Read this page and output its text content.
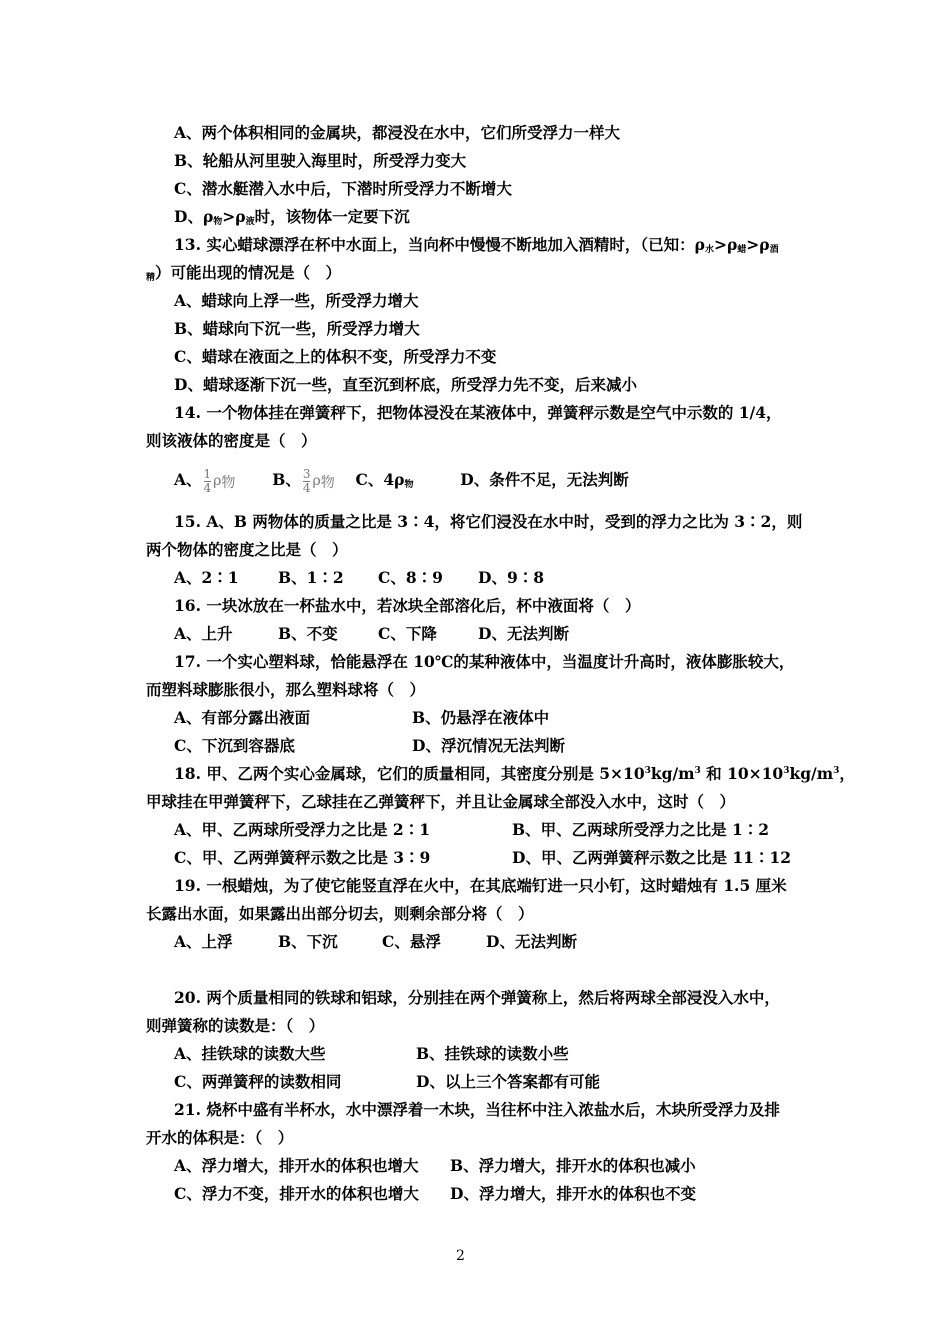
A、两个体积相同的金属块，都浸没在水中，它们所受浮力一样大
B、轮船从河里驶入海里时，所受浮力变大
C、潜水艇潜入水中后，下潜时所受浮力不断增大
D、$\rho_物>\rho_液$时，该物体一定要下沉
13. 实心蜡球漂浮在杯中水面上，当向杯中慢慢不断地加入酒精时，（已知：$\rho_水>\rho_蜡>\rho_酒$
$_精$）可能出现的情况是（　）
A、蜡球向上浮一些，所受浮力增大
B、蜡球向下沉一些，所受浮力增大
C、蜡球在液面之上的体积不变，所受浮力不变
D、蜡球逐渐下沉一些，直至沉到杯底，所受浮力先不变，后来减小
14. 一个物体挂在弹簧秤下，把物体浸没在某液体中，弹簧秤示数是空气中示数的 1/4，
则该液体的密度是（　）
A、 $\frac{1}{4} \rho_物$ B、 $\frac{3}{4} \rho_物$ C、$4\rho_物$	D、条件不足，无法判断
15. A、B 两物体的质量之比是 3∶4，将它们浸没在水中时，受到的浮力之比为 3∶2，则
两个物体的密度之比是（　）
A、2∶1	B、1∶2 C、8∶9 D、9∶8
16. 一块冰放在一杯盐水中，若冰块全部溶化后，杯中液面将（　）
A、上升	B、不变	C、下降	D、无法判断
17. 一个实心塑料球，恰能悬浮在 10℃的某种液体中，当温度计升高时，液体膨胀较大，
而塑料球膨胀很小，那么塑料球将（　）
A、有部分露出液面	B、仍悬浮在液体中
C、下沉到容器底	D、浮沉情况无法判断
18. 甲、乙两个实心金属球，它们的质量相同，其密度分别是 $5\times 10^3kg/m^3$ 和 $10\times 10^3kg/m^3$，
甲球挂在甲弹簧秤下，乙球挂在乙弹簧秤下，并且让金属球全部没入水中，这时（　）
A、甲、乙两球所受浮力之比是 2∶1	B、甲、乙两球所受浮力之比是 1∶2
C、甲、乙两弹簧秤示数之比是 3∶9	D、甲、乙两弹簧秤示数之比是 11∶12
19. 一根蜡烛，为了使它能竖直浮在火中，在其底端钉进一只小钉，这时蜡烛有 1.5 厘米
长露出水面，如果露出出部分切去，则剩余部分将（　）
A、上浮	B、下沉	C、悬浮	D、无法判断
20. 两个质量相同的铁球和铝球，分别挂在两个弹簧称上，然后将两球全部浸没入水中，
则弹簧称的读数是：（　）
A、挂铁球的读数大些	B、挂铁球的读数小些
C、两弹簧秤的读数相同	D、以上三个答案都有可能
21. 烧杯中盛有半杯水，水中漂浮着一木块，当往杯中注入浓盐水后，木块所受浮力及排
开水的体积是：（　）
A、浮力增大，排开水的体积也增大 B、浮力增大，排开水的体积也减小
C、浮力不变，排开水的体积也增大 D、浮力增大，排开水的体积也不变
2
